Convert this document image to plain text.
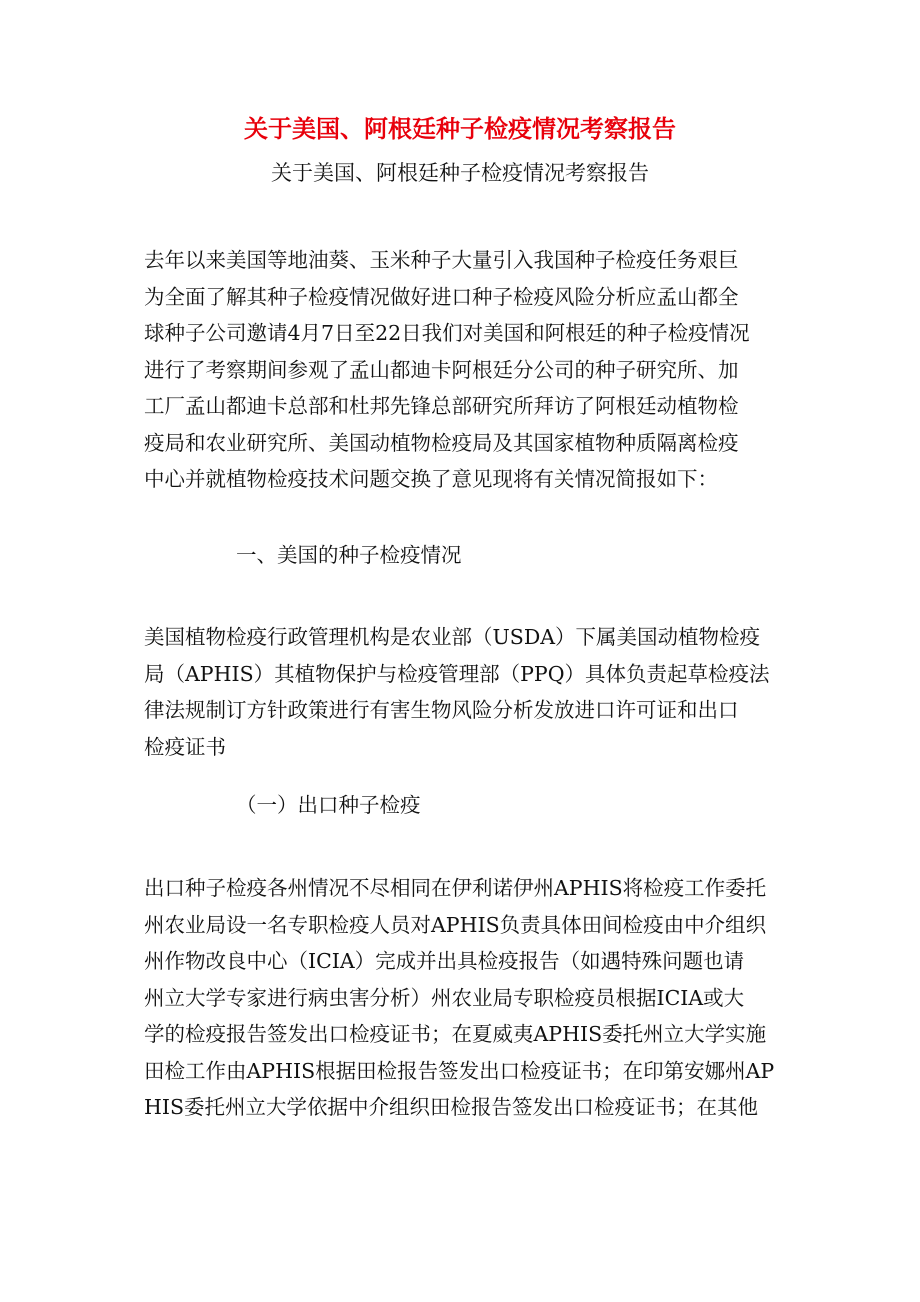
关于美国、阿根廷种子检疫情况考察报告
关于美国、阿根廷种子检疫情况考察报告
去年以来美国等地油葵、玉米种子大量引入我国种子检疫任务艰巨
为全面了解其种子检疫情况做好进口种子检疫风险分析应孟山都全
球种子公司邀请4月7日至22日我们对美国和阿根廷的种子检疫情况
进行了考察期间参观了孟山都迪卡阿根廷分公司的种子研究所、加
工厂孟山都迪卡总部和杜邦先锋总部研究所拜访了阿根廷动植物检
疫局和农业研究所、美国动植物检疫局及其国家植物种质隔离检疫
中心并就植物检疫技术问题交换了意见现将有关情况简报如下：
一、美国的种子检疫情况
美国植物检疫行政管理机构是农业部（USDA）下属美国动植物检疫
局（APHIS）其植物保护与检疫管理部（PPQ）具体负责起草检疫法
律法规制订方针政策进行有害生物风险分析发放进口许可证和出口
检疫证书
（一）出口种子检疫
出口种子检疫各州情况不尽相同在伊利诺伊州APHIS将检疫工作委托
州农业局设一名专职检疫人员对APHIS负责具体田间检疫由中介组织
州作物改良中心（ICIA）完成并出具检疫报告（如遇特殊问题也请
州立大学专家进行病虫害分析）州农业局专职检疫员根据ICIA或大
学的检疫报告签发出口检疫证书；在夏威夷APHIS委托州立大学实施
田检工作由APHIS根据田检报告签发出口检疫证书；在印第安娜州AP
HIS委托州立大学依据中介组织田检报告签发出口检疫证书；在其他
